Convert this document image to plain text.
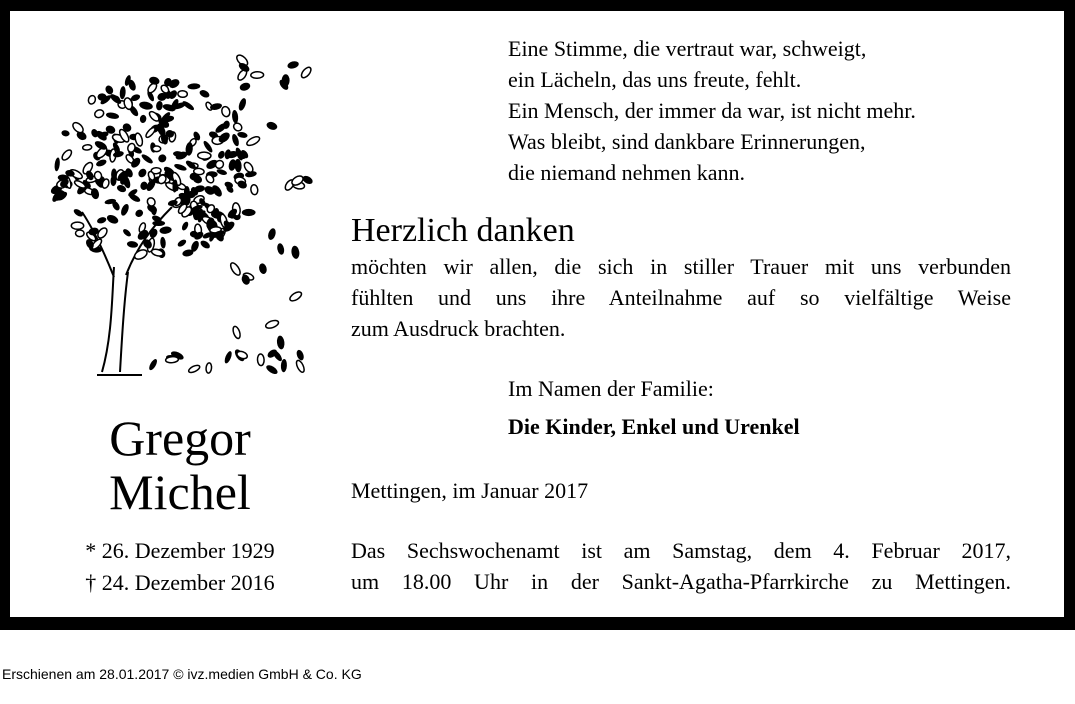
Gregor
Michel
* 26. Dezember 1929
† 24. Dezember 2016
Eine Stimme, die vertraut war, schweigt,
ein Lächeln, das uns freute, fehlt.
Ein Mensch, der immer da war, ist nicht mehr.
Was bleibt, sind dankbare Erinnerungen,
die niemand nehmen kann.
Herzlich danken
möchten wir allen, die sich in stiller Trauer mit uns verbunden
fühlten und uns ihre Anteilnahme auf so vielfältige Weise
zum Ausdruck brachten.
Im Namen der Familie:
Die Kinder, Enkel und Urenkel
Mettingen, im Januar 2017
Das Sechswochenamt ist am Samstag, dem 4. Februar 2017,
um 18.00 Uhr in der Sankt-Agatha-Pfarrkirche zu Mettingen.
Erschienen am 28.01.2017 © ivz.medien GmbH & Co. KG
